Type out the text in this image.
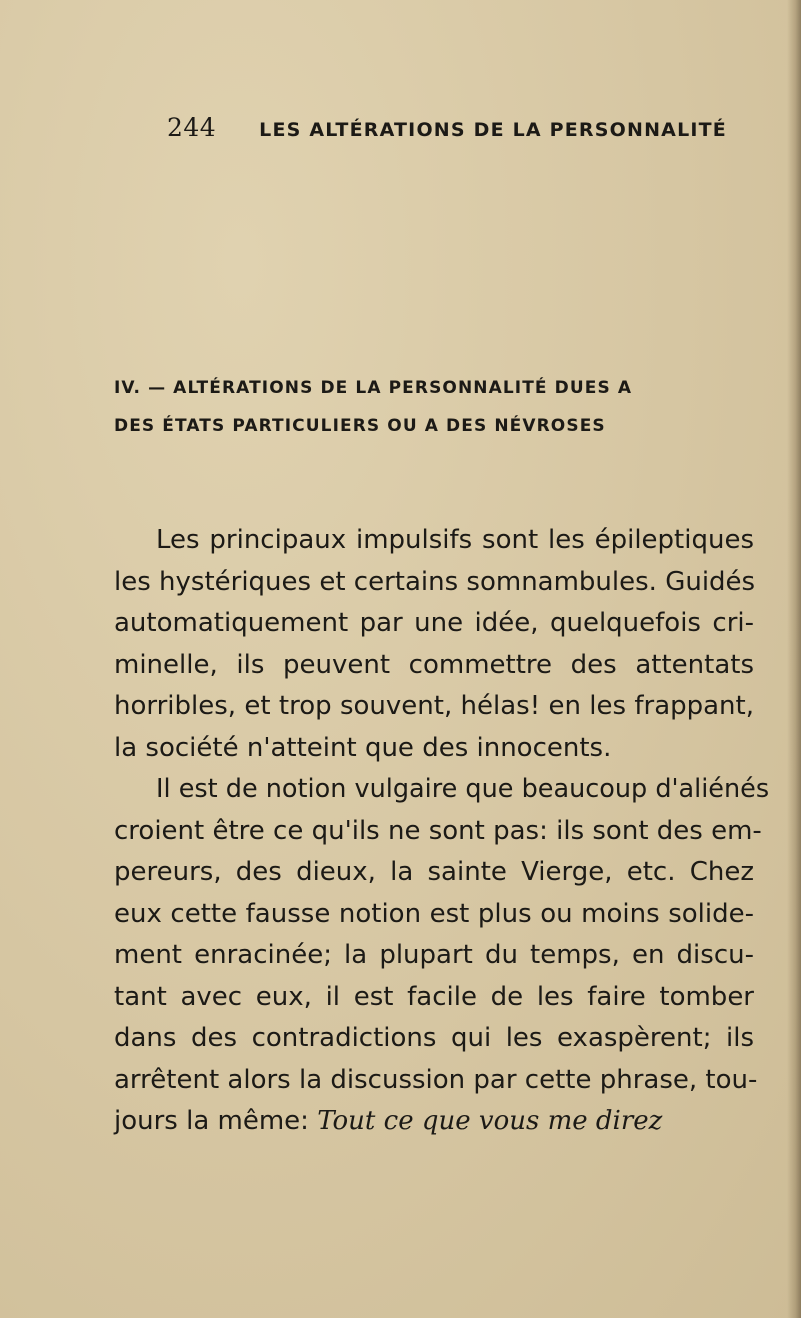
244	LES ALTÉRATIONS DE LA PERSONNALITÉ
IV. — ALTÉRATIONS DE LA PERSONNALITÉ DUES A
DES ÉTATS PARTICULIERS OU A DES NÉVROSES
Les principaux impulsifs sont les épileptiques
les hystériques et certains somnambules. Guidés
automatiquement par une idée, quelquefois cri-
minelle, ils peuvent commettre des attentats
horribles, et trop souvent, hélas! en les frappant,
la société n'atteint que des innocents.
Il est de notion vulgaire que beaucoup d'aliénés
croient être ce qu'ils ne sont pas: ils sont des em-
pereurs, des dieux, la sainte Vierge, etc. Chez
eux cette fausse notion est plus ou moins solide-
ment enracinée; la plupart du temps, en discu-
tant avec eux, il est facile de les faire tomber
dans des contradictions qui les exaspèrent; ils
arrêtent alors la discussion par cette phrase, tou-
jours la même: Tout ce que vous me direz
